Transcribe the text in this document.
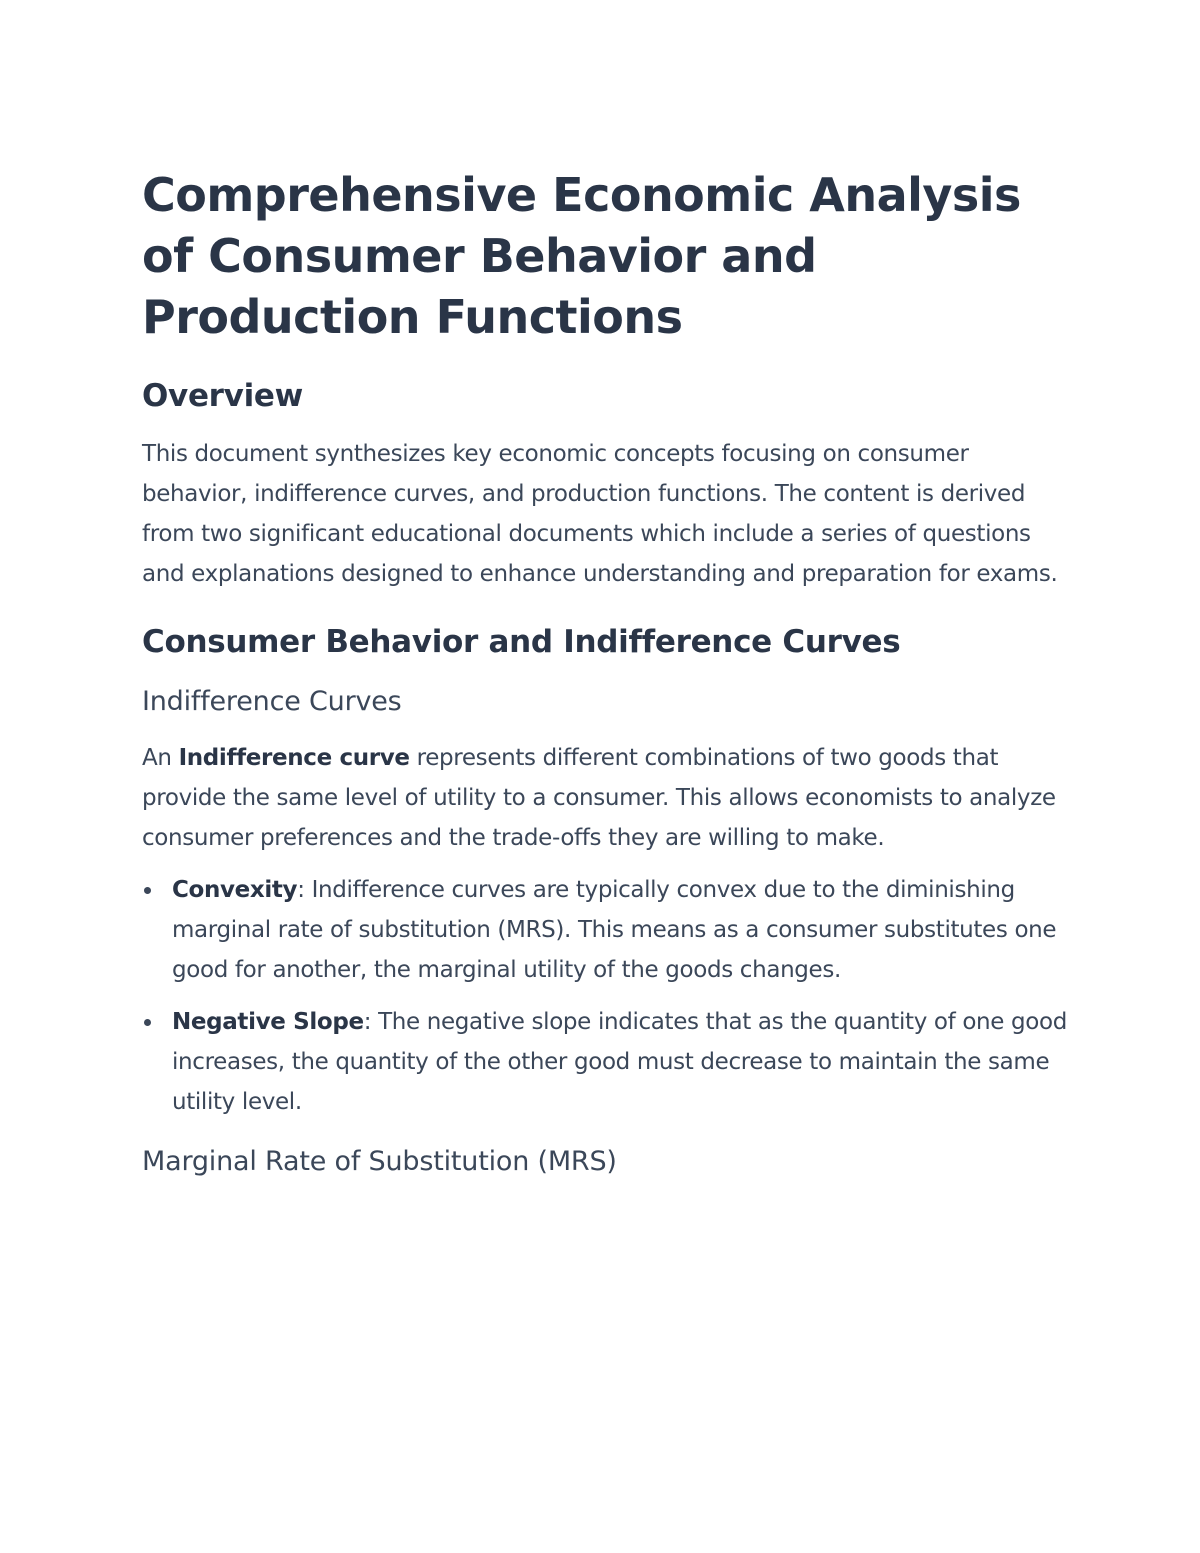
Comprehensive Economic Analysis of Consumer Behavior and Production Functions
Overview

This document synthesizes key economic concepts focusing on consumer behavior, indifference curves, and production functions. The content is derived from two significant educational documents which include a series of questions and explanations designed to enhance understanding and preparation for exams.

Consumer Behavior and Indifference Curves
Indifference Curves

An Indifference curve represents different combinations of two goods that provide the same level of utility to a consumer. This allows economists to analyze consumer preferences and the trade-offs they are willing to make.

Convexity: Indifference curves are typically convex due to the diminishing marginal rate of substitution (MRS). This means as a consumer substitutes one good for another, the marginal utility of the goods changes.
Negative Slope: The negative slope indicates that as the quantity of one good increases, the quantity of the other good must decrease to maintain the same utility level.
Marginal Rate of Substitution (MRS)
